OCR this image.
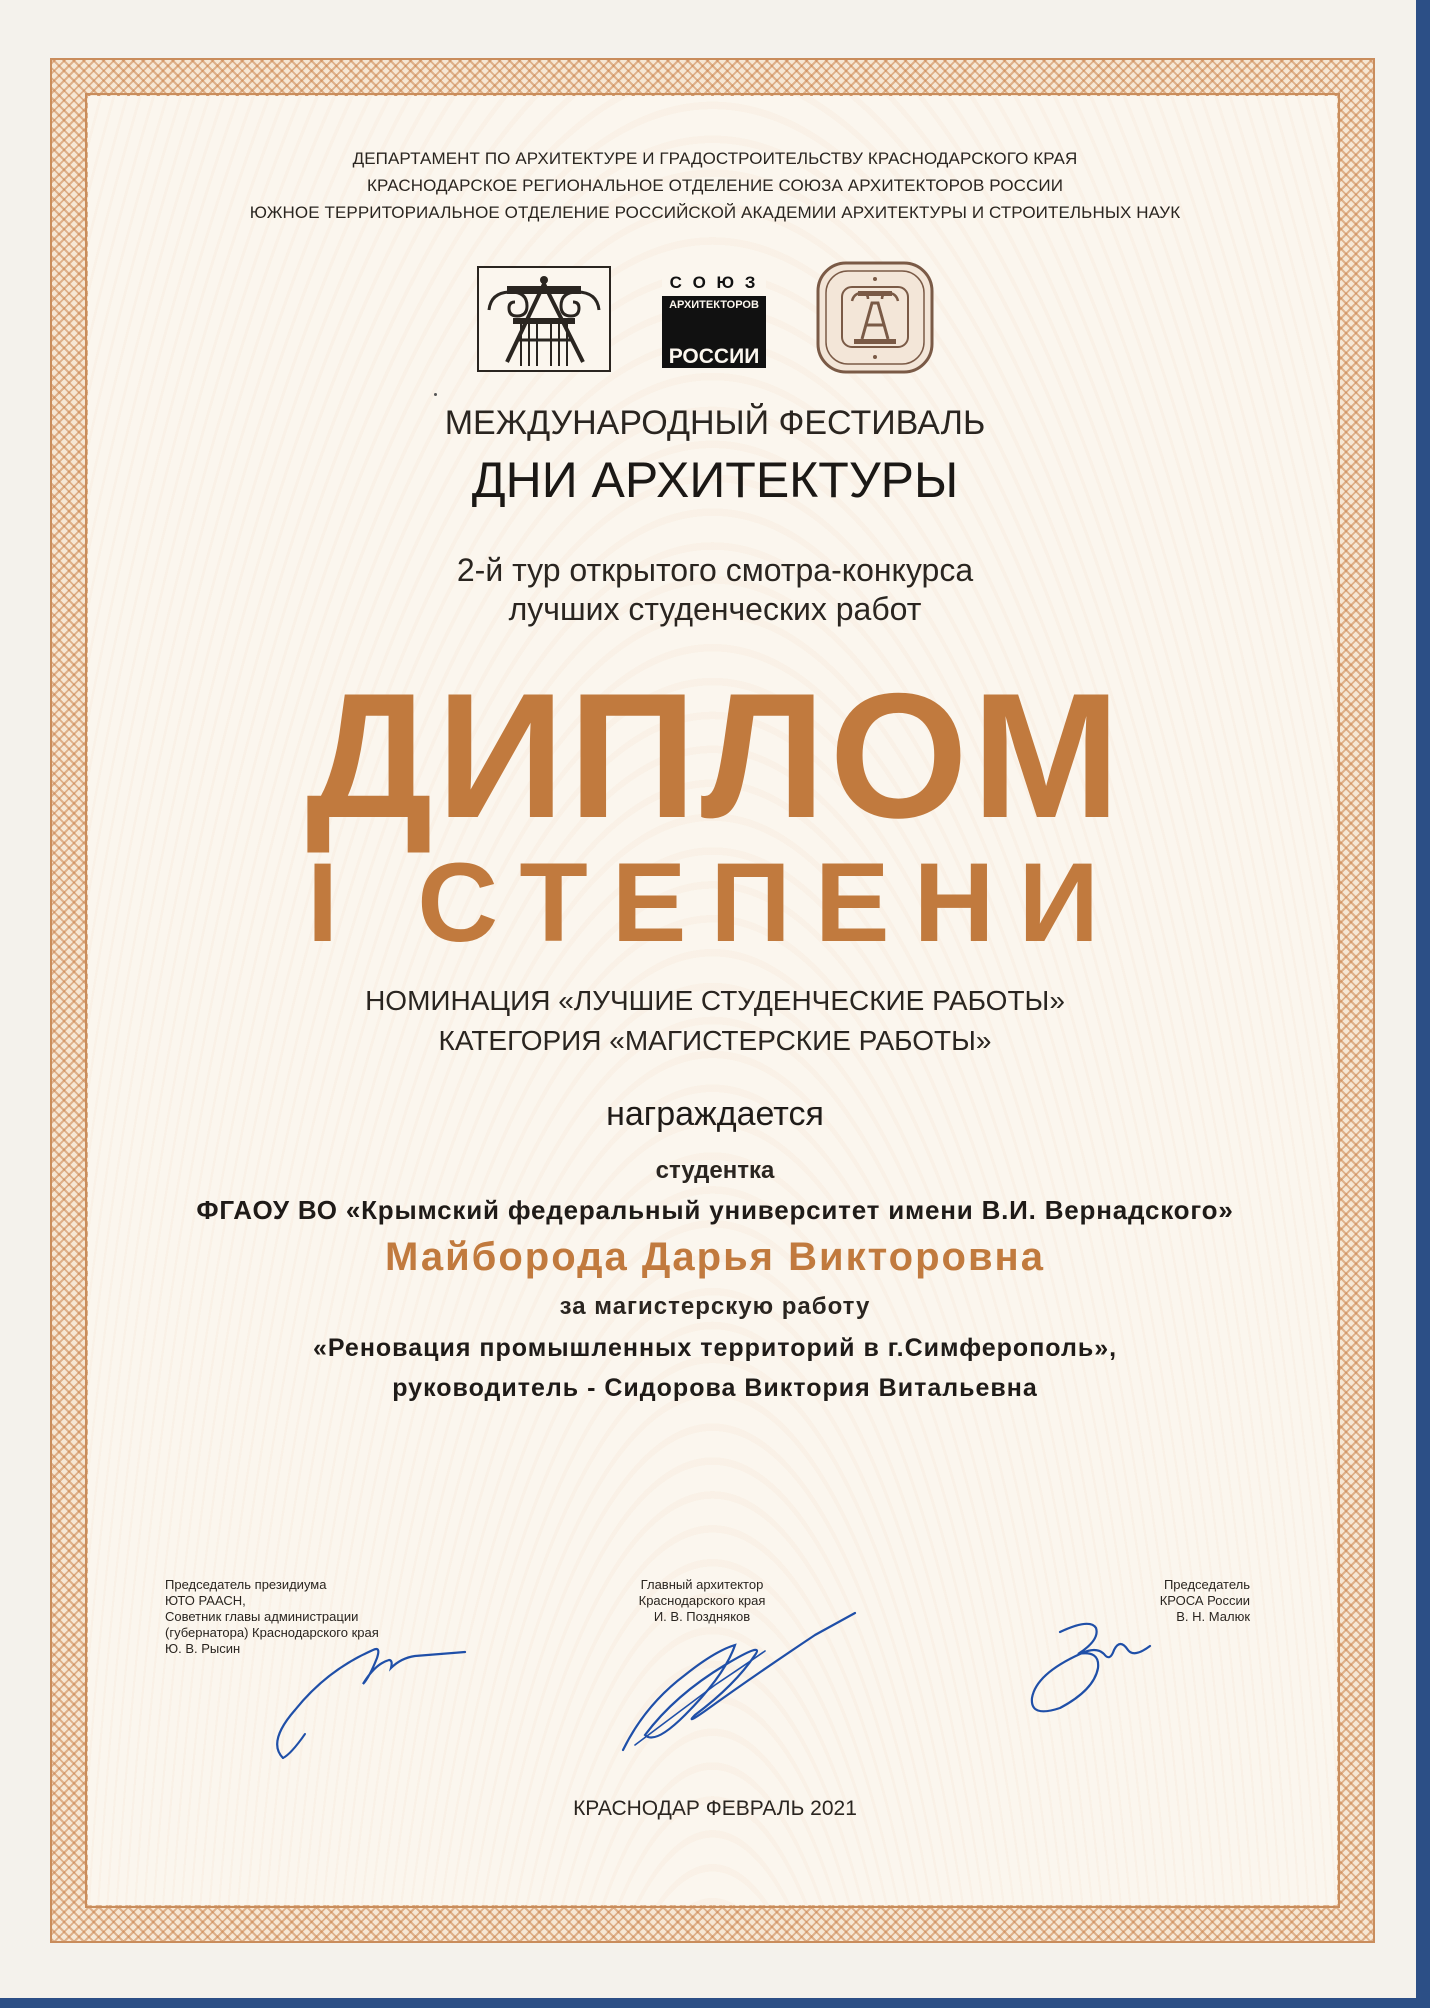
ДЕПАРТАМЕНТ ПО АРХИТЕКТУРЕ И ГРАДОСТРОИТЕЛЬСТВУ КРАСНОДАРСКОГО КРАЯ
КРАСНОДАРСКОЕ РЕГИОНАЛЬНОЕ ОТДЕЛЕНИЕ СОЮЗА АРХИТЕКТОРОВ РОССИИ
ЮЖНОЕ ТЕРРИТОРИАЛЬНОЕ ОТДЕЛЕНИЕ РОССИЙСКОЙ АКАДЕМИИ АРХИТЕКТУРЫ И СТРОИТЕЛЬНЫХ НАУК
С О Ю З
АРХИТЕКТОРОВ
РОССИИ
МЕЖДУНАРОДНЫЙ ФЕСТИВАЛЬ
ДНИ АРХИТЕКТУРЫ
2-й тур открытого смотра-конкурса
лучших студенческих работ
ДИПЛОМ
I СТЕПЕНИ
НОМИНАЦИЯ «ЛУЧШИЕ СТУДЕНЧЕСКИЕ РАБОТЫ»
КАТЕГОРИЯ «МАГИСТЕРСКИЕ РАБОТЫ»
награждается
студентка
ФГАОУ ВО «Крымский федеральный университет имени В.И. Вернадского»
Майборода Дарья Викторовна
за магистерскую работу
«Реновация промышленных территорий в г.Симферополь»,
руководитель - Сидорова Виктория Витальевна
Председатель президиума
ЮТО РААСН,
Советник главы администрации
(губернатора) Краснодарского края
Ю. В. Рысин
Главный архитектор
Краснодарского края
И. В. Поздняков
Председатель
КРОСА России
В. Н. Малюк
КРАСНОДАР ФЕВРАЛЬ 2021
